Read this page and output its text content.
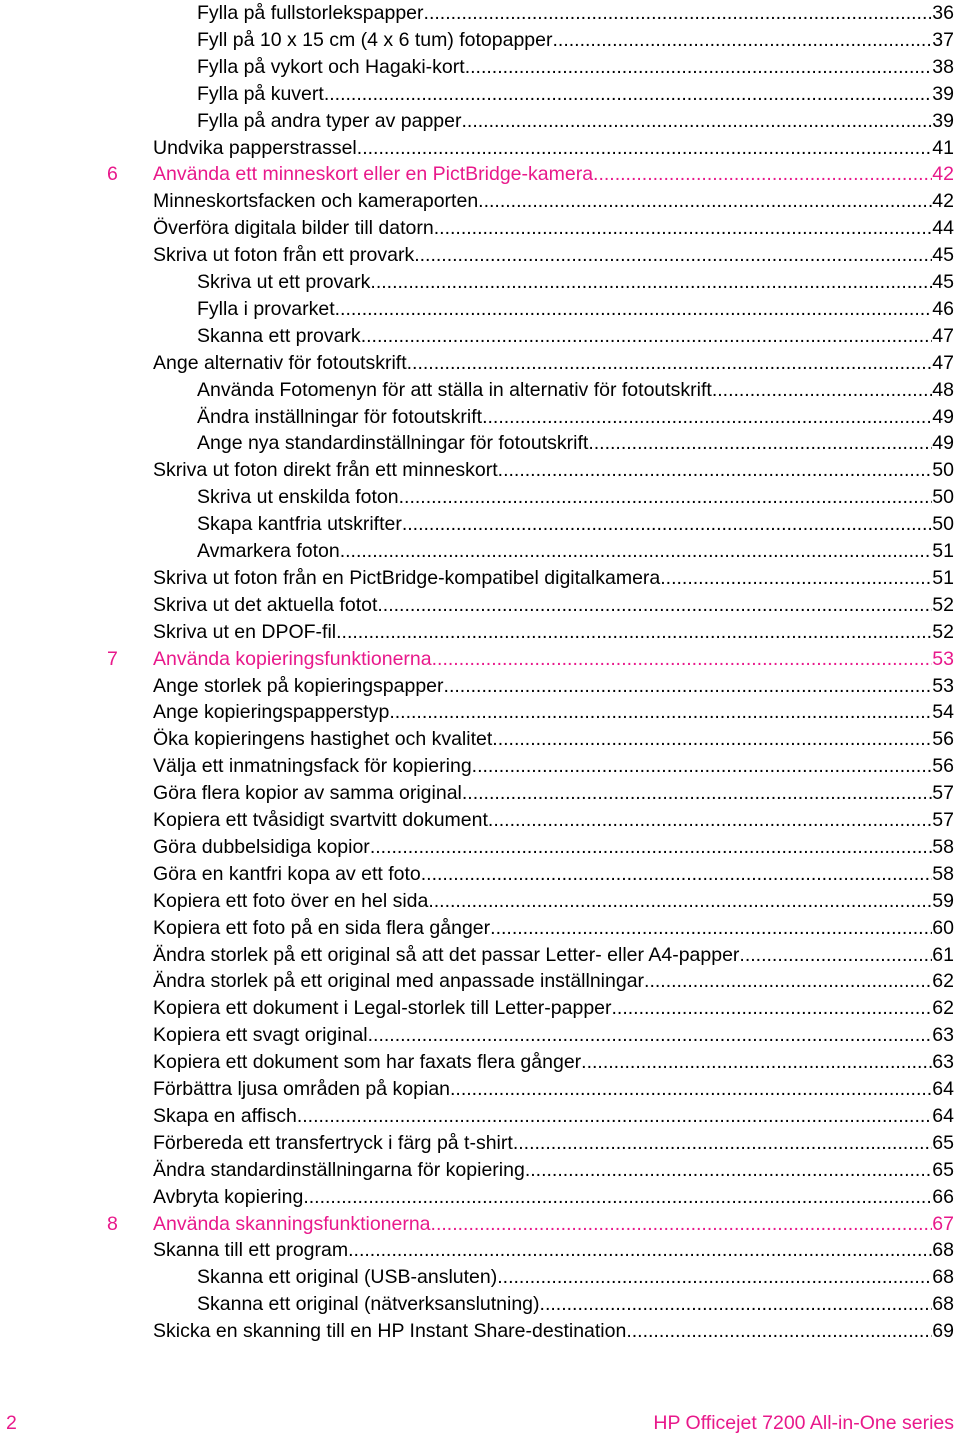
Fylla på fullstorlekspapper .....	36
Fyll på 10 x 15 cm (4 x 6 tum) fotopapper .....	37
Fylla på vykort och Hagaki-kort .....	38
Fylla på kuvert .....	39
Fylla på andra typer av papper .....	39
Undvika papperstrassel .....	41
6	Använda ett minneskort eller en PictBridge-kamera .....	42
Minneskortsfacken och kameraporten .....	42
Överföra digitala bilder till datorn .....	44
Skriva ut foton från ett provark .....	45
Skriva ut ett provark .....	45
Fylla i provarket .....	46
Skanna ett provark .....	47
Ange alternativ för fotoutskrift .....	47
Använda Fotomenyn för att ställa in alternativ för fotoutskrift .....	48
Ändra inställningar för fotoutskrift .....	49
Ange nya standardinställningar för fotoutskrift .....	49
Skriva ut foton direkt från ett minneskort .....	50
Skriva ut enskilda foton .....	50
Skapa kantfria utskrifter .....	50
Avmarkera foton .....	51
Skriva ut foton från en PictBridge-kompatibel digitalkamera .....	51
Skriva ut det aktuella fotot .....	52
Skriva ut en DPOF-fil .....	52
7	Använda kopieringsfunktionerna .....	53
Ange storlek på kopieringspapper .....	53
Ange kopieringspapperstyp .....	54
Öka kopieringens hastighet och kvalitet .....	56
Välja ett inmatningsfack för kopiering .....	56
Göra flera kopior av samma original .....	57
Kopiera ett tvåsidigt svartvitt dokument .....	57
Göra dubbelsidiga kopior .....	58
Göra en kantfri kopa av ett foto .....	58
Kopiera ett foto över en hel sida .....	59
Kopiera ett foto på en sida flera gånger .....	60
Ändra storlek på ett original så att det passar Letter- eller A4-papper .....	61
Ändra storlek på ett original med anpassade inställningar .....	62
Kopiera ett dokument i Legal-storlek till Letter-papper .....	62
Kopiera ett svagt original .....	63
Kopiera ett dokument som har faxats flera gånger .....	63
Förbättra ljusa områden på kopian .....	64
Skapa en affisch .....	64
Förbereda ett transfertryck i färg på t-shirt .....	65
Ändra standardinställningarna för kopiering .....	65
Avbryta kopiering .....	66
8	Använda skanningsfunktionerna .....	67
Skanna till ett program .....	68
Skanna ett original (USB-ansluten) .....	68
Skanna ett original (nätverksanslutning) .....	68
Skicka en skanning till en HP Instant Share-destination .....	69
2	HP Officejet 7200 All-in-One series
